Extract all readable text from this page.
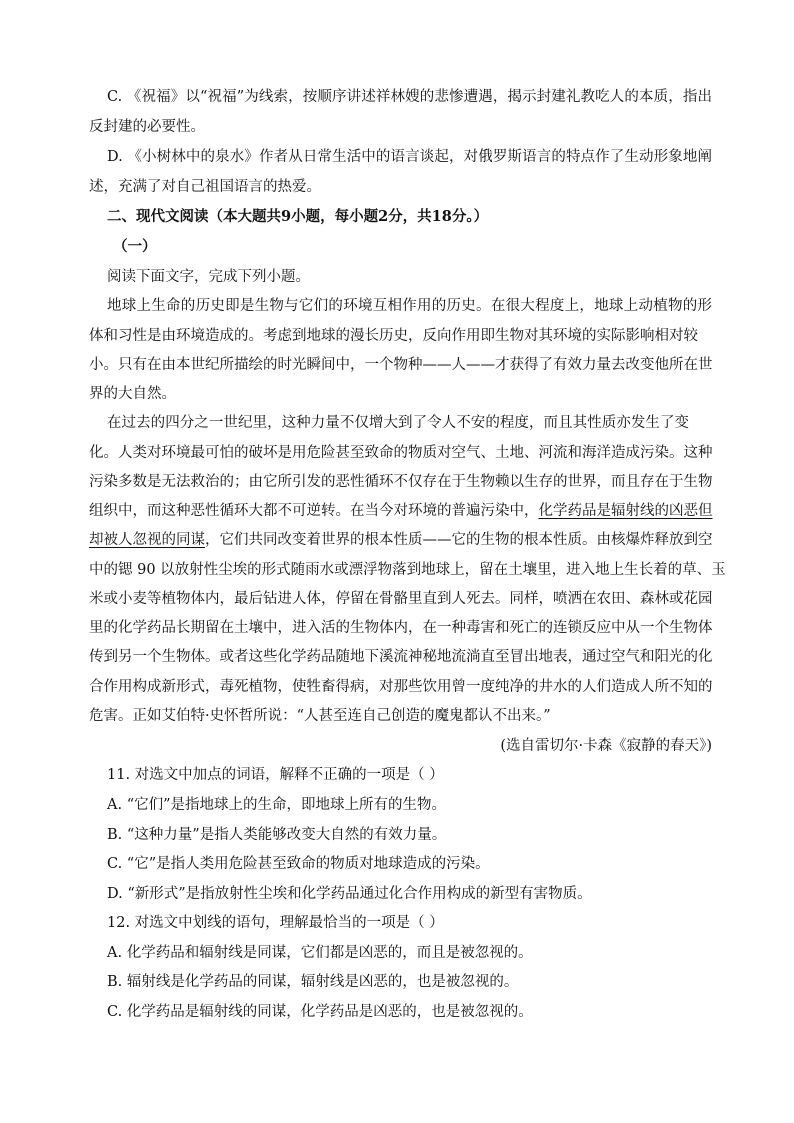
C. 《祝福》以“祝福”为线索，按顺序讲述祥林嫂的悲惨遭遇，揭示封建礼教吃人的本质，指出
反封建的必要性。
D. 《小树林中的泉水》作者从日常生活中的语言谈起，对俄罗斯语言的特点作了生动形象地阐
述，充满了对自己祖国语言的热爱。
二、现代文阅读（本大题共9小题，每小题2分，共18分。）
（一）
阅读下面文字，完成下列小题。
地球上生命的历史即是生物与它们的环境互相作用的历史。在很大程度上，地球上动植物的形
体和习性是由环境造成的。考虑到地球的漫长历史，反向作用即生物对其环境的实际影响相对较
小。只有在由本世纪所描绘的时光瞬间中，一个物种——人——才获得了有效力量去改变他所在世
界的大自然。
在过去的四分之一世纪里，这种力量不仅增大到了令人不安的程度，而且其性质亦发生了变
化。人类对环境最可怕的破坏是用危险甚至致命的物质对空气、土地、河流和海洋造成污染。这种
污染多数是无法救治的；由它所引发的恶性循环不仅存在于生物赖以生存的世界，而且存在于生物
组织中，而这种恶性循环大都不可逆转。在当今对环境的普遍污染中，化学药品是辐射线的凶恶但
却被人忽视的同谋，它们共同改变着世界的根本性质——它的生物的根本性质。由核爆炸释放到空
中的锶 90 以放射性尘埃的形式随雨水或漂浮物落到地球上，留在土壤里，进入地上生长着的草、玉
米或小麦等植物体内，最后钻进人体，停留在骨骼里直到人死去。同样，喷洒在农田、森林或花园
里的化学药品长期留在土壤中，进入活的生物体内，在一种毒害和死亡的连锁反应中从一个生物体
传到另一个生物体。或者这些化学药品随地下溪流神秘地流淌直至冒出地表，通过空气和阳光的化
合作用构成新形式，毒死植物，使牲畜得病，对那些饮用曾一度纯净的井水的人们造成人所不知的
危害。正如艾伯特·史怀哲所说：“人甚至连自己创造的魔鬼都认不出来。”
(选自雷切尔·卡森《寂静的春天》)
11. 对选文中加点的词语，解释不正确的一项是（ ）
A. “它们”是指地球上的生命，即地球上所有的生物。
B. “这种力量”是指人类能够改变大自然的有效力量。
C. “它”是指人类用危险甚至致命的物质对地球造成的污染。
D. “新形式”是指放射性尘埃和化学药品通过化合作用构成的新型有害物质。
12. 对选文中划线的语句，理解最恰当的一项是（ ）
A. 化学药品和辐射线是同谋，它们都是凶恶的，而且是被忽视的。
B. 辐射线是化学药品的同谋，辐射线是凶恶的，也是被忽视的。
C. 化学药品是辐射线的同谋，化学药品是凶恶的，也是被忽视的。
